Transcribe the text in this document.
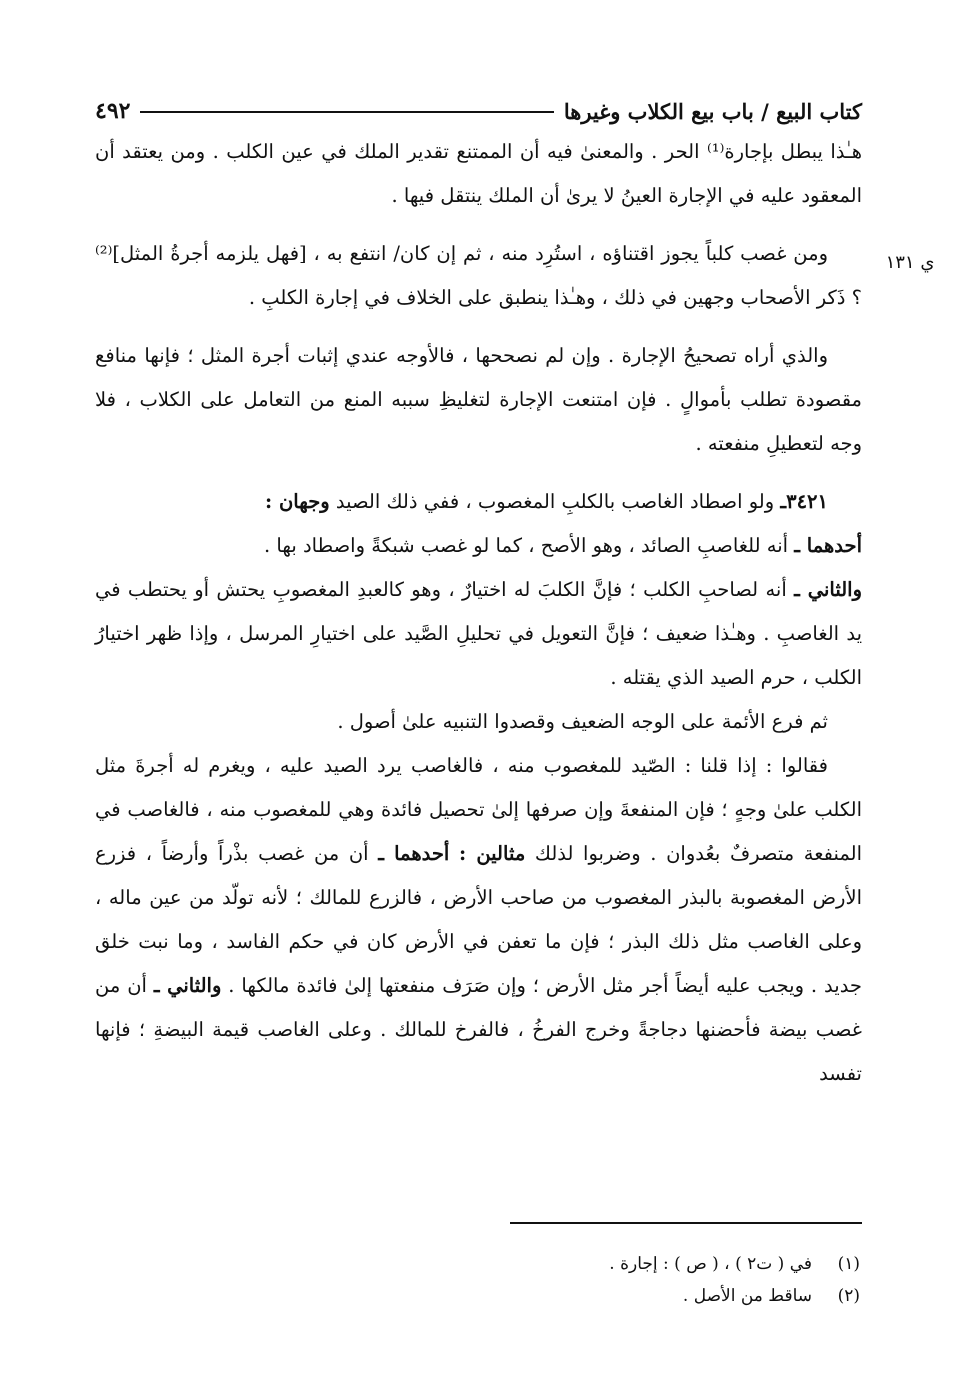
كتاب البيع / باب بيع الكلاب وغيرها
٤٩٢
ي ١٣١

هـٰذا يبطل بإجارة⁽¹⁾ الحر . والمعنىٰ فيه أن الممتنع تقدير الملك في عين الكلب . ومن يعتقد أن المعقود عليه في الإجارة العينُ لا يرىٰ أن الملك ينتقل فيها .

ومن غصب كلباً يجوز اقتناؤه ، استُرِد منه ، ثم إن كان/ انتفع به ، [فهل يلزمه أجرةُ المثل]⁽²⁾ ؟ ذَكر الأصحاب وجهين في ذلك ، وهـٰذا ينطبق على الخلاف في إجارة الكلبِ .

والذي أراه تصحيحُ الإجارة . وإن لم نصححها ، فالأوجه عندي إثبات أجرة المثل ؛ فإنها منافع مقصودة تطلب بأموالٍ . فإن امتنعت الإجارة لتغليظِ سببه المنع من التعامل على الكلاب ، فلا وجه لتعطيلِ منفعته .

٣٤٢١ـ ولو اصطاد الغاصب بالكلبِ المغصوب ، ففي ذلك الصيد وجهان :

أحدهما ـ أنه للغاصبِ الصائد ، وهو الأصح ، كما لو غصب شبكةً واصطاد بها .

والثاني ـ أنه لصاحبِ الكلب ؛ فإنَّ الكلبَ له اختيارٌ ، وهو كالعبدِ المغصوبِ يحتش أو يحتطب في يد الغاصبِ . وهـٰذا ضعيف ؛ فإنَّ التعويل في تحليلِ الصَّيد على اختيارِ المرسل ، وإذا ظهر اختيارُ الكلب ، حرم الصيد الذي يقتله .

ثم فرع الأئمة على الوجه الضعيف وقصدوا التنبيه علىٰ أصول .

فقالوا : إذا قلنا : الصّيد للمغصوب منه ، فالغاصب يرد الصيد عليه ، ويغرم له أجرةَ مثل الكلب علىٰ وجهٍ ؛ فإن المنفعةَ وإن صرفها إلىٰ تحصيل فائدة وهي للمغصوب منه ، فالغاصب في المنفعة متصرفٌ بعُدوان . وضربوا لذلك مثالين : أحدهما ـ أن من غصب بذْراً وأرضاً ، فزرع الأرض المغصوبة بالبذر المغصوب من صاحب الأرض ، فالزرع للمالك ؛ لأنه تولّد من عين ماله ، وعلى الغاصب مثل ذلك البذر ؛ فإن ما تعفن في الأرض كان في حكم الفاسد ، وما نبت خلق جديد . ويجب عليه أيضاً أجر مثل الأرض ؛ وإن صَرَف منفعتها إلىٰ فائدة مالكها . والثاني ـ أن من غصب بيضة فأحضنها دجاجةً وخرج الفرخُ ، فالفرخ للمالك . وعلى الغاصب قيمة البيضةِ ؛ فإنها تفسد

(١)في ( ت٢ ) ، ( ص ) : إجارة .
(٢)ساقط من الأصل .
